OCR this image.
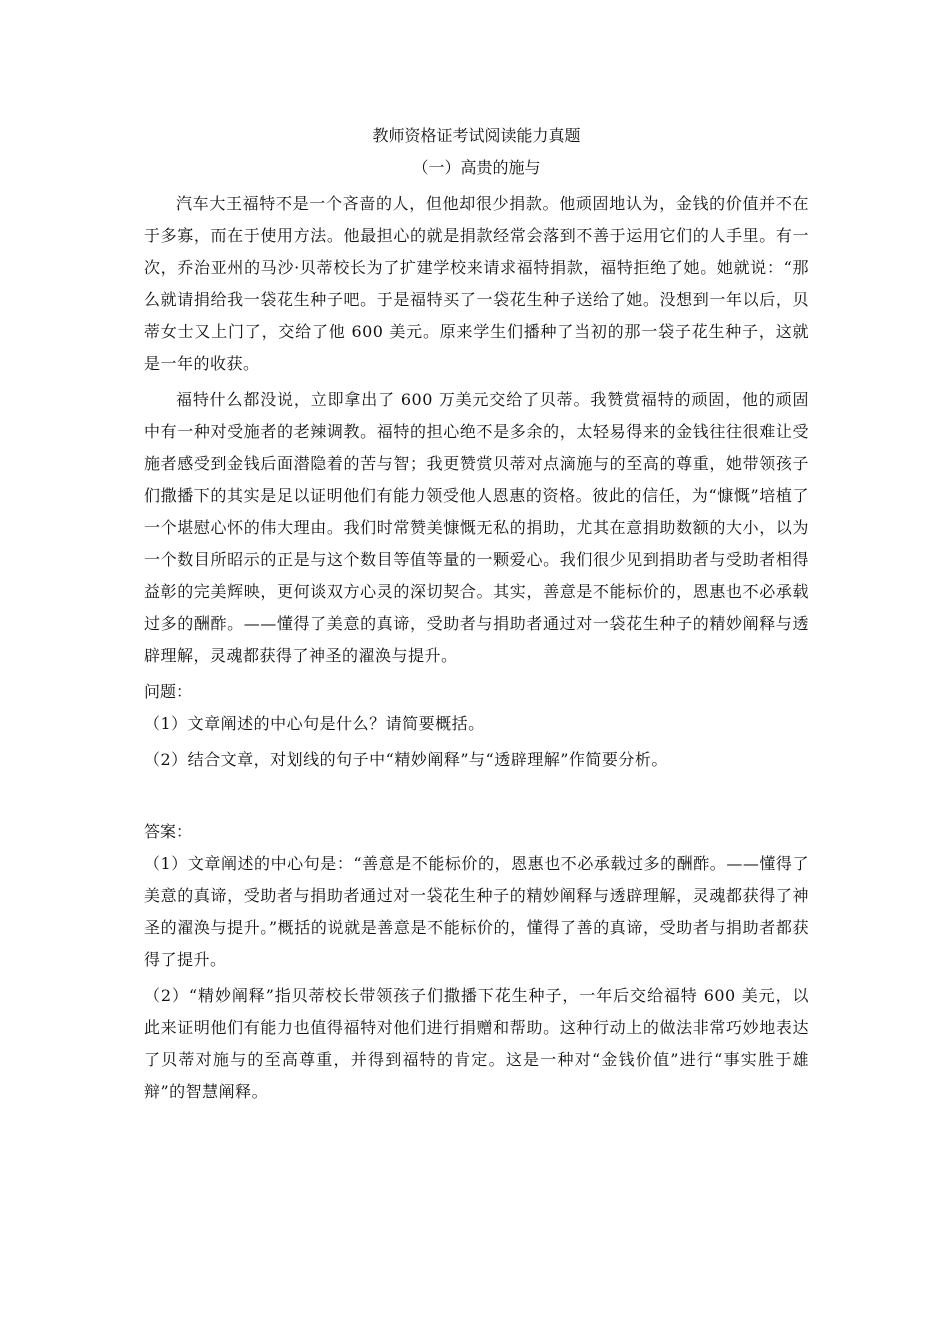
教师资格证考试阅读能力真题
（一）高贵的施与

汽车大王福特不是一个吝啬的人，但他却很少捐款。他顽固地认为，金钱的价值并不在于多寡，而在于使用方法。他最担心的就是捐款经常会落到不善于运用它们的人手里。有一次，乔治亚州的马沙·贝蒂校长为了扩建学校来请求福特捐款，福特拒绝了她。她就说：“那么就请捐给我一袋花生种子吧。于是福特买了一袋花生种子送给了她。没想到一年以后，贝蒂女士又上门了，交给了他 600 美元。原来学生们播种了当初的那一袋子花生种子，这就是一年的收获。

福特什么都没说，立即拿出了 600 万美元交给了贝蒂。我赞赏福特的顽固，他的顽固中有一种对受施者的老辣调教。福特的担心绝不是多余的，太轻易得来的金钱往往很难让受施者感受到金钱后面潜隐着的苦与智；我更赞赏贝蒂对点滴施与的至高的尊重，她带领孩子们撒播下的其实是足以证明他们有能力领受他人恩惠的资格。彼此的信任，为“慷慨”培植了一个堪慰心怀的伟大理由。我们时常赞美慷慨无私的捐助，尤其在意捐助数额的大小，以为一个数目所昭示的正是与这个数目等值等量的一颗爱心。我们很少见到捐助者与受助者相得益彰的完美辉映，更何谈双方心灵的深切契合。其实，善意是不能标价的，恩惠也不必承载过多的酬酢。——懂得了美意的真谛，受助者与捐助者通过对一袋花生种子的精妙阐释与透辟理解，灵魂都获得了神圣的濯涣与提升。

问题：

（1）文章阐述的中心句是什么？请简要概括。

（2）结合文章，对划线的句子中“精妙阐释”与“透辟理解”作简要分析。

答案：

（1）文章阐述的中心句是：“善意是不能标价的，恩惠也不必承载过多的酬酢。——懂得了美意的真谛，受助者与捐助者通过对一袋花生种子的精妙阐释与透辟理解，灵魂都获得了神圣的濯涣与提升。”概括的说就是善意是不能标价的，懂得了善的真谛，受助者与捐助者都获得了提升。

（2）“精妙阐释”指贝蒂校长带领孩子们撒播下花生种子，一年后交给福特 600 美元，以此来证明他们有能力也值得福特对他们进行捐赠和帮助。这种行动上的做法非常巧妙地表达了贝蒂对施与的至高尊重，并得到福特的肯定。这是一种对“金钱价值”进行“事实胜于雄辩”的智慧阐释。
